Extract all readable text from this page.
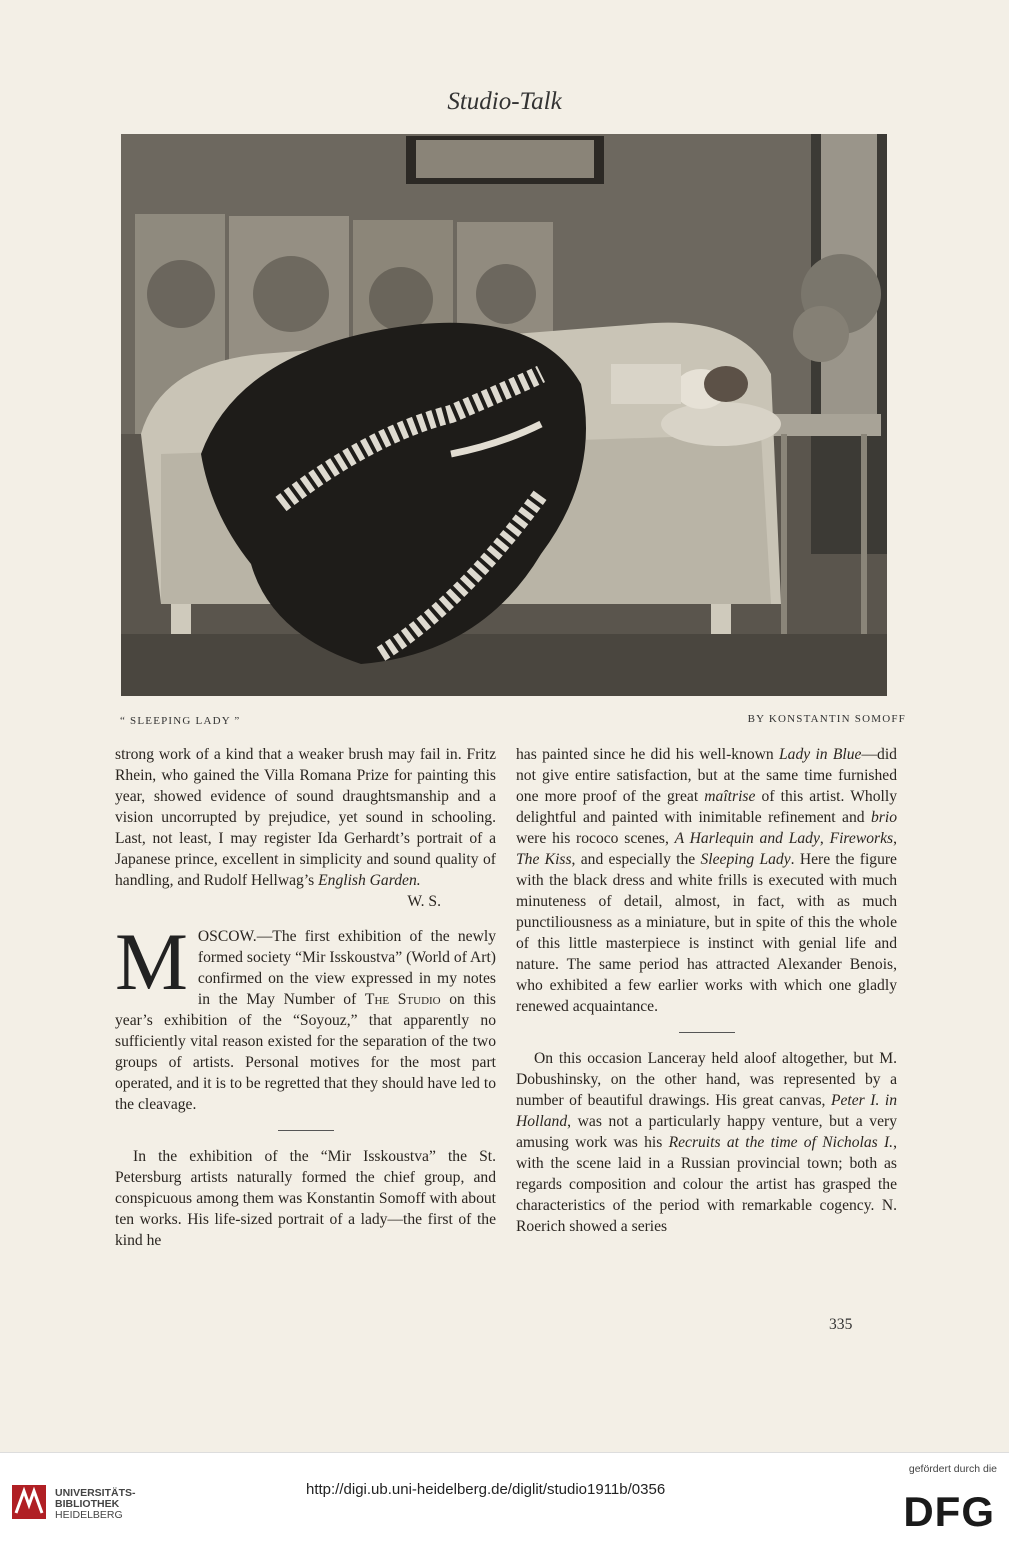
Studio-Talk
“ SLEEPING LADY ”	BY KONSTANTIN SOMOFF

strong work of a kind that a weaker brush may fail in. Fritz Rhein, who gained the Villa Romana Prize for painting this year, showed evidence of sound draughtsmanship and a vision uncorrupted by prejudice, yet sound in schooling. Last, not least, I may register Ida Gerhardt’s portrait of a Japanese prince, excellent in simplicity and sound quality of handling, and Rudolf Hellwag’s English Garden.

W. S.

MOSCOW.—The first exhibition of the newly formed society “Mir Isskoustva” (World of Art) confirmed on the view expressed in my notes in the May Number of The Studio on this year’s exhibition of the “Soyouz,” that apparently no sufficiently vital reason existed for the separation of the two groups of artists. Personal motives for the most part operated, and it is to be regretted that they should have led to the cleavage.

In the exhibition of the “Mir Isskoustva” the St. Petersburg artists naturally formed the chief group, and conspicuous among them was Konstantin Somoff with about ten works. His life-sized portrait of a lady—the first of the kind he

has painted since he did his well-known Lady in Blue—did not give entire satisfaction, but at the same time furnished one more proof of the great maîtrise of this artist. Wholly delightful and painted with inimitable refinement and brio were his rococo scenes, A Harlequin and Lady, Fireworks, The Kiss, and especially the Sleeping Lady. Here the figure with the black dress and white frills is executed with much minuteness of detail, almost, in fact, with as much punctiliousness as a miniature, but in spite of this the whole of this little masterpiece is instinct with genial life and nature. The same period has attracted Alexander Benois, who exhibited a few earlier works with which one gladly renewed acquaintance.

On this occasion Lanceray held aloof altogether, but M. Dobushinsky, on the other hand, was represented by a number of beautiful drawings. His great canvas, Peter I. in Holland, was not a particularly happy venture, but a very amusing work was his Recruits at the time of Nicholas I., with the scene laid in a Russian provincial town; both as regards composition and colour the artist has grasped the characteristics of the period with remarkable cogency. N. Roerich showed a series

335
UNIVERSITÄTS-
BIBLIOTHEK
HEIDELBERG
http://digi.ub.uni-heidelberg.de/diglit/studio1911b/0356
gefördert durch die
DFG
